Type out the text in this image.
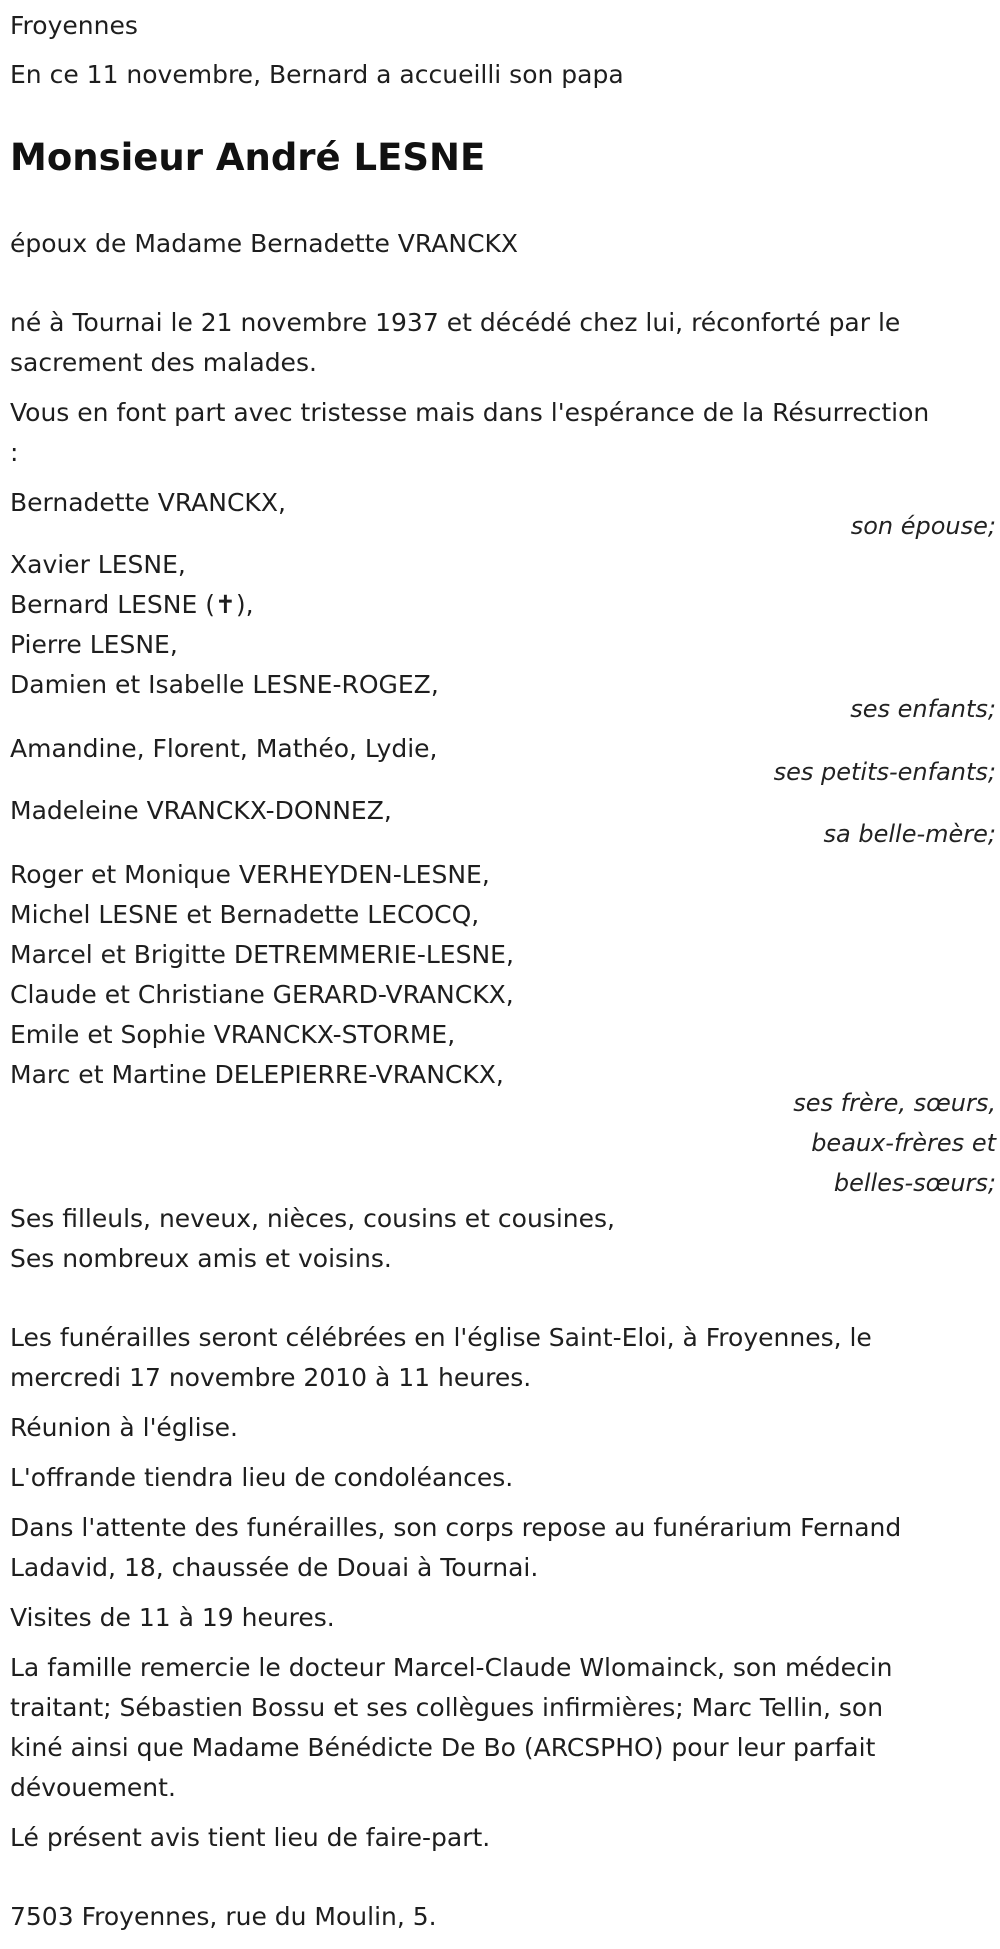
Froyennes
En ce 11 novembre, Bernard a accueilli son papa
Monsieur André LESNE
époux de Madame Bernadette VRANCKX
né à Tournai le 21 novembre 1937 et décédé chez lui, réconforté par le
sacrement des malades.
Vous en font part avec tristesse mais dans l'espérance de la Résurrection
:
Bernadette VRANCKX,
son épouse;
Xavier LESNE,
Bernard LESNE (✝),
Pierre LESNE,
Damien et Isabelle LESNE-ROGEZ,
ses enfants;
Amandine, Florent, Mathéo, Lydie,
ses petits-enfants;
Madeleine VRANCKX-DONNEZ,
sa belle-mère;
Roger et Monique VERHEYDEN-LESNE,
Michel LESNE et Bernadette LECOCQ,
Marcel et Brigitte DETREMMERIE-LESNE,
Claude et Christiane GERARD-VRANCKX,
Emile et Sophie VRANCKX-STORME,
Marc et Martine DELEPIERRE-VRANCKX,
ses frère, sœurs,
beaux-frères et
belles-sœurs;
Ses filleuls, neveux, nièces, cousins et cousines,
Ses nombreux amis et voisins.
Les funérailles seront célébrées en l'église Saint-Eloi, à Froyennes, le
mercredi 17 novembre 2010 à 11 heures.
Réunion à l'église.
L'offrande tiendra lieu de condoléances.
Dans l'attente des funérailles, son corps repose au funérarium Fernand
Ladavid, 18, chaussée de Douai à Tournai.
Visites de 11 à 19 heures.
La famille remercie le docteur Marcel-Claude Wlomainck, son médecin
traitant; Sébastien Bossu et ses collègues infirmières; Marc Tellin, son
kiné ainsi que Madame Bénédicte De Bo (ARCSPHO) pour leur parfait
dévouement.
Lé présent avis tient lieu de faire-part.
7503 Froyennes, rue du Moulin, 5.
